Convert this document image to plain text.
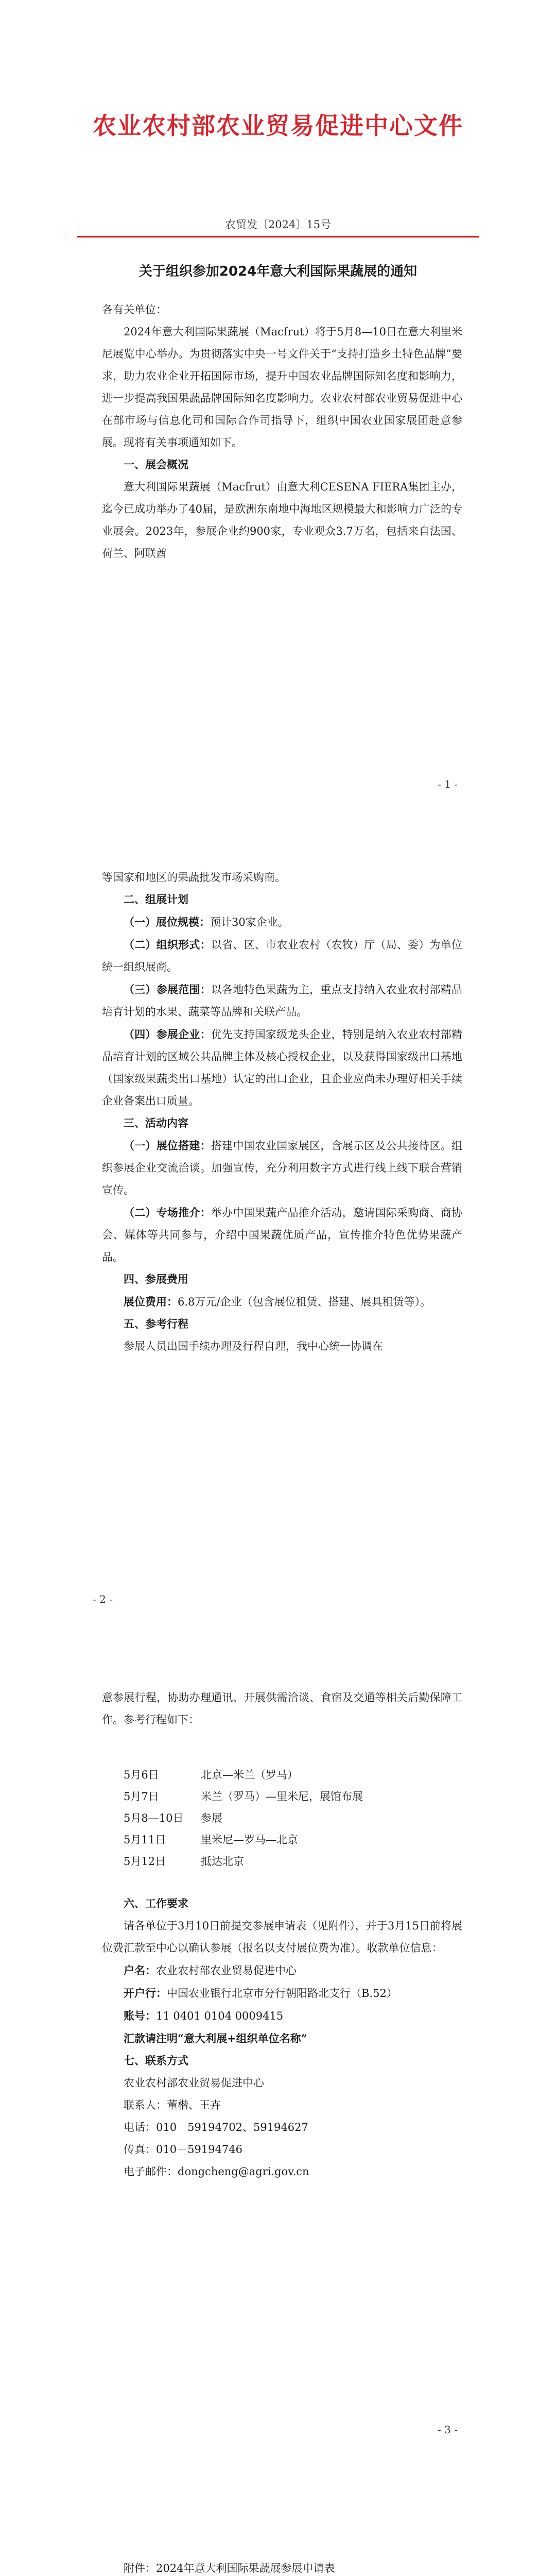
农业农村部农业贸易促进中心文件
农贸发〔2024〕15号
关于组织参加2024年意大利国际果蔬展的通知

各有关单位：

2024年意大利国际果蔬展（Macfrut）将于5月8—10日在意大利里米尼展览中心举办。为贯彻落实中央一号文件关于“支持打造乡土特色品牌”要求，助力农业企业开拓国际市场，提升中国农业品牌国际知名度和影响力，进一步提高我国果蔬品牌国际知名度影响力。农业农村部农业贸易促进中心在部市场与信息化司和国际合作司指导下，组织中国农业国家展团赴意参展。现将有关事项通知如下。

一、展会概况

意大利国际果蔬展（Macfrut）由意大利CESENA FIERA集团主办，迄今已成功举办了40届，是欧洲东南地中海地区规模最大和影响力广泛的专业展会。2023年，参展企业约900家，专业观众3.7万名，包括来自法国、荷兰、阿联酋

- 1 -

等国家和地区的果蔬批发市场采购商。

二、组展计划

（一）展位规模：预计30家企业。

（二）组织形式：以省、区、市农业农村（农牧）厅（局、委）为单位统一组织展商。

（三）参展范围：以各地特色果蔬为主，重点支持纳入农业农村部精品培育计划的水果、蔬菜等品牌和关联产品。

（四）参展企业：优先支持国家级龙头企业，特别是纳入农业农村部精品培育计划的区域公共品牌主体及核心授权企业，以及获得国家级出口基地（国家级果蔬类出口基地）认定的出口企业，且企业应尚未办理好相关手续企业备案出口质量。

三、活动内容

（一）展位搭建：搭建中国农业国家展区，含展示区及公共接待区。组织参展企业交流洽谈。加强宣传，充分利用数字方式进行线上线下联合营销宣传。

（二）专场推介：举办中国果蔬产品推介活动，邀请国际采购商、商协会、媒体等共同参与，介绍中国果蔬优质产品，宣传推介特色优势果蔬产品。

四、参展费用

展位费用：6.8万元/企业（包含展位租赁、搭建、展具租赁等）。

五、参考行程

参展人员出国手续办理及行程自理，我中心统一协调在

- 2 -

意参展行程，协助办理通讯、开展供需洽谈、食宿及交通等相关后勤保障工作。参考行程如下：

5月6日	北京—米兰（罗马）
5月7日	米兰（罗马）—里米尼，展馆布展
5月8—10日	参展
5月11日	里米尼—罗马—北京
5月12日	抵达北京

六、工作要求

请各单位于3月10日前提交参展申请表（见附件），并于3月15日前将展位费汇款至中心以确认参展（报名以支付展位费为准）。收款单位信息：

户名：农业农村部农业贸易促进中心

开户行：中国农业银行北京市分行朝阳路北支行（B.52）

账号：11 0401 0104 0009415

汇款请注明“意大利展+组织单位名称”

七、联系方式

农业农村部农业贸易促进中心

联系人：董楷、王卉

电话：010－59194702、59194627

传真：010－59194746

电子邮件：dongcheng@agri.gov.cn

- 3 -

附件：2024年意大利国际果蔬展参展申请表
